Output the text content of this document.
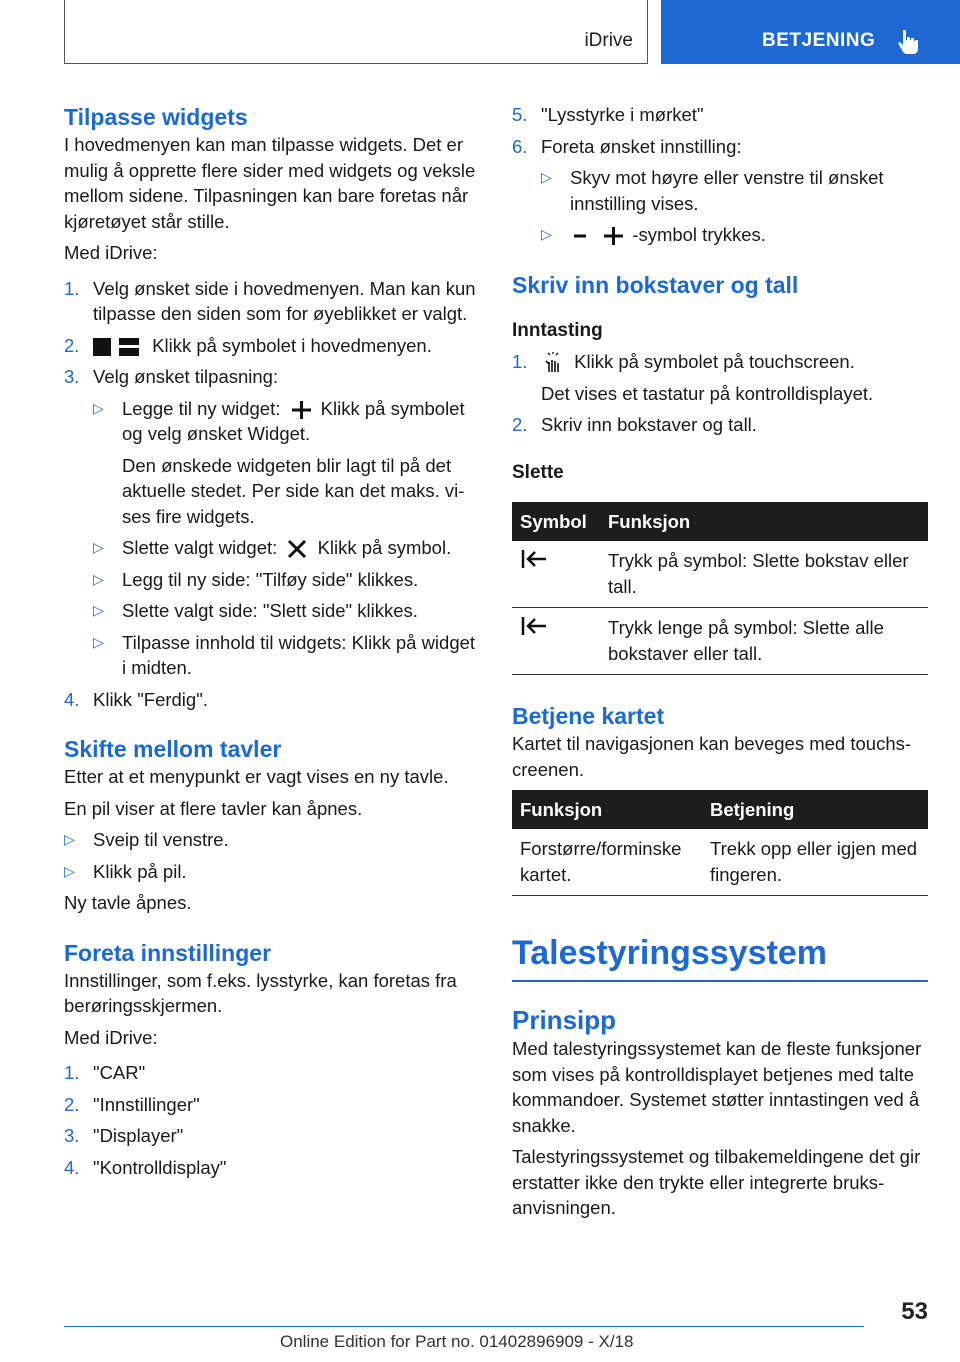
iDrive	BETJENING
Tilpasse widgets

I hovedmenyen kan man tilpasse widgets. Det er mulig å opprette flere sider med widgets og veksle mellom sidene. Tilpasningen kan bare foretas når kjøretøyet står stille.

Med iDrive:

1. Velg ønsket side i hovedmenyen. Man kan kun tilpasse den siden som for øyeblikket er valgt.
2.	Klikk på symbolet i hovedmenyen.
3. Velg ønsket tilpasning:
▷ Legge til ny widget: Klikk på symbolet og velg ønsket Widget.

Den ønskede widgeten blir lagt til på det aktuelle stedet. Per side kan det maks. vises fire widgets.

▷ Slette valgt widget: Klikk på symbol.
▷ Legg til ny side: "Tilføy side" klikkes.
▷ Slette valgt side: "Slett side" klikkes.
▷ Tilpasse innhold til widgets: Klikk på widget i midten.
4. Klikk "Ferdig".
Skifte mellom tavler

Etter at et menypunkt er vagt vises en ny tavle.

En pil viser at flere tavler kan åpnes.

▷ Sveip til venstre.
▷ Klikk på pil.

Ny tavle åpnes.

Foreta innstillinger

Innstillinger, som f.eks. lysstyrke, kan foretas fra berøringsskjermen.

Med iDrive:

1. "CAR"
2. "Innstillinger"
3. "Displayer"
4. "Kontrolldisplay"
5. "Lysstyrke i mørket"
6. Foreta ønsket innstilling:
▷ Skyv mot høyre eller venstre til ønsket innstilling vises.
▷	-symbol trykkes.
Skriv inn bokstaver og tall
Inntasting
1.	Klikk på symbolet på touchscreen.

Det vises et tastatur på kontrolldisplayet.

2. Skriv inn bokstaver og tall.
Slette
Symbol	Funksjon
	Trykk på symbol: Slette bokstav eller tall.
	Trykk lenge på symbol: Slette alle bokstaver eller tall.
Betjene kartet

Kartet til navigasjonen kan beveges med touchscreenen.

Funksjon	Betjening
Forstørre/forminske kartet.	Trekk opp eller igjen med fingeren.
Talestyringssystem
Prinsipp

Med talestyringssystemet kan de fleste funksjoner som vises på kontrolldisplayet betjenes med talte kommandoer. Systemet støtter inntastingen ved å snakke.

Talestyringssystemet og tilbakemeldingene det gir erstatter ikke den trykte eller integrerte bruksanvisningen.

53
Online Edition for Part no. 01402896909 - X/18
